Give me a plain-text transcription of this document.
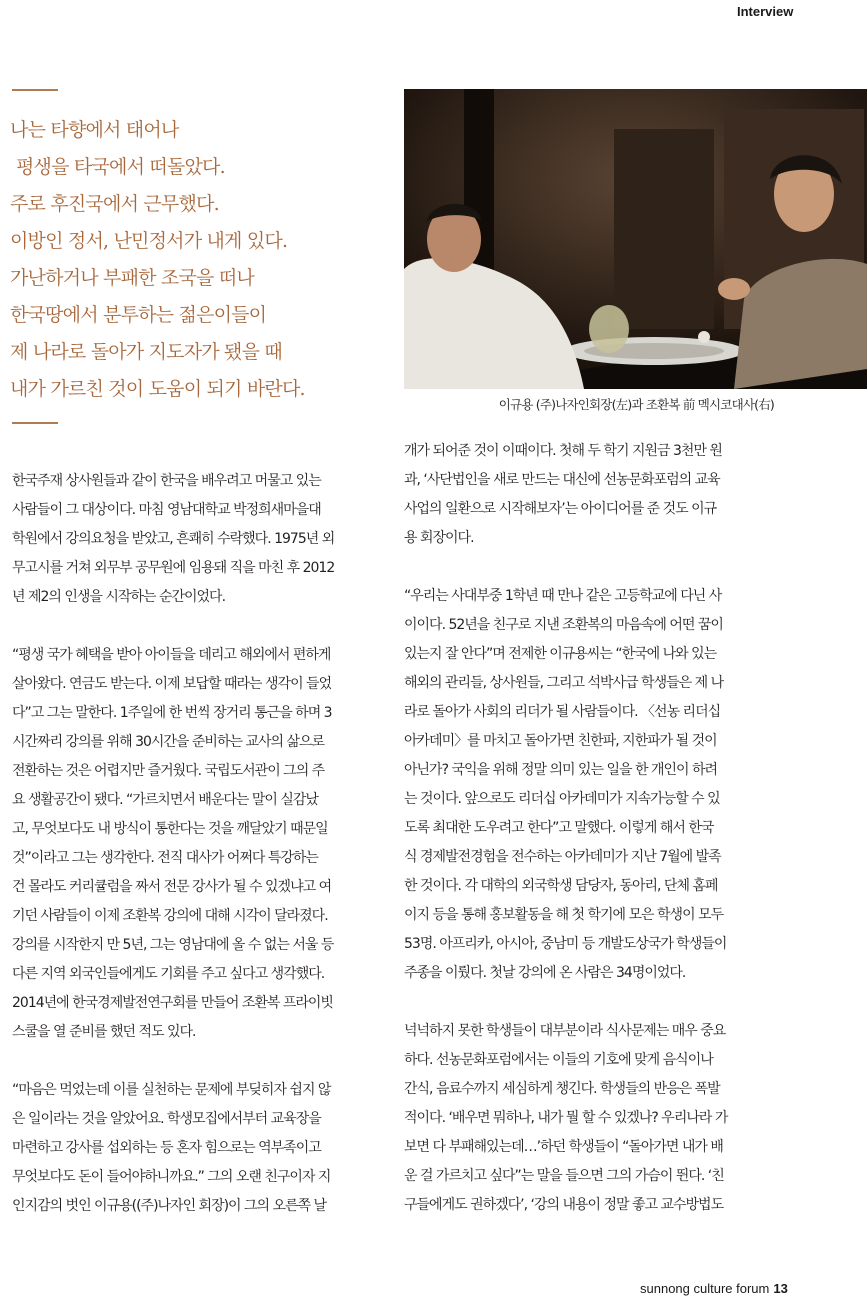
Interview
나는 타향에서 태어나
평생을 타국에서 떠돌았다.
주로 후진국에서 근무했다.
이방인 정서, 난민정서가 내게 있다.
가난하거나 부패한 조국을 떠나
한국땅에서 분투하는 젊은이들이
제 나라로 돌아가 지도자가 됐을 때
내가 가르친 것이 도움이 되기 바란다.
이규용 (주)나자인회장(左)과 조환복 前 멕시코대사(右)

한국주재 상사원들과 같이 한국을 배우려고 머물고 있는
사람들이 그 대상이다. 마침 영남대학교 박정희새마을대
학원에서 강의요청을 받았고, 흔쾌히 수락했다. 1975년 외
무고시를 거쳐 외무부 공무원에 임용돼 직을 마친 후 2012
년 제2의 인생을 시작하는 순간이었다.

“평생 국가 혜택을 받아 아이들을 데리고 해외에서 편하게
살아왔다. 연금도 받는다. 이제 보답할 때라는 생각이 들었
다”고 그는 말한다. 1주일에 한 번씩 장거리 통근을 하며 3
시간짜리 강의를 위해 30시간을 준비하는 교사의 삶으로
전환하는 것은 어렵지만 즐거웠다. 국립도서관이 그의 주
요 생활공간이 됐다. “가르치면서 배운다는 말이 실감났
고, 무엇보다도 내 방식이 통한다는 것을 깨달았기 때문일
것”이라고 그는 생각한다. 전직 대사가 어쩌다 특강하는
건 몰라도 커리큘럼을 짜서 전문 강사가 될 수 있겠냐고 여
기던 사람들이 이제 조환복 강의에 대해 시각이 달라졌다.
강의를 시작한지 만 5년, 그는 영남대에 올 수 없는 서울 등
다른 지역 외국인들에게도 기회를 주고 싶다고 생각했다.
2014년에 한국경제발전연구회를 만들어 조환복 프라이빗
스쿨을 열 준비를 했던 적도 있다.

“마음은 먹었는데 이를 실천하는 문제에 부딪히자 쉽지 않
은 일이라는 것을 알았어요. 학생모집에서부터 교육장을
마련하고 강사를 섭외하는 등 혼자 힘으로는 역부족이고
무엇보다도 돈이 들어야하니까요.” 그의 오랜 친구이자 지
인지감의 벗인 이규용((주)나자인 회장)이 그의 오른쪽 날

개가 되어준 것이 이때이다. 첫해 두 학기 지원금 3천만 원
과, ‘사단법인을 새로 만드는 대신에 선농문화포럼의 교육
사업의 일환으로 시작해보자’는 아이디어를 준 것도 이규
용 회장이다.

“우리는 사대부중 1학년 때 만나 같은 고등학교에 다닌 사
이이다. 52년을 친구로 지낸 조환복의 마음속에 어떤 꿈이
있는지 잘 안다”며 전제한 이규용씨는 “한국에 나와 있는
해외의 관리들, 상사원들, 그리고 석박사급 학생들은 제 나
라로 돌아가 사회의 리더가 될 사람들이다. 〈선농 리더십
아카데미〉를 마치고 돌아가면 친한파, 지한파가 될 것이
아닌가? 국익을 위해 정말 의미 있는 일을 한 개인이 하려
는 것이다. 앞으로도 리더십 아카데미가 지속가능할 수 있
도록 최대한 도우려고 한다”고 말했다. 이렇게 해서 한국
식 경제발전경험을 전수하는 아카데미가 지난 7월에 발족
한 것이다. 각 대학의 외국학생 담당자, 동아리, 단체 홈페
이지 등을 통해 홍보활동을 해 첫 학기에 모은 학생이 모두
53명. 아프리카, 아시아, 중남미 등 개발도상국가 학생들이
주종을 이뤘다. 첫날 강의에 온 사람은 34명이었다.

넉넉하지 못한 학생들이 대부분이라 식사문제는 매우 중요
하다. 선농문화포럼에서는 이들의 기호에 맞게 음식이나
간식, 음료수까지 세심하게 챙긴다. 학생들의 반응은 폭발
적이다. ‘배우면 뭐하나, 내가 뭘 할 수 있겠나? 우리나라 가
보면 다 부패해있는데…’하던 학생들이 “돌아가면 내가 배
운 걸 가르치고 싶다”는 말을 들으면 그의 가슴이 뛴다. ‘친
구들에게도 권하겠다’, ‘강의 내용이 정말 좋고 교수방법도

sunnong culture forum 13
